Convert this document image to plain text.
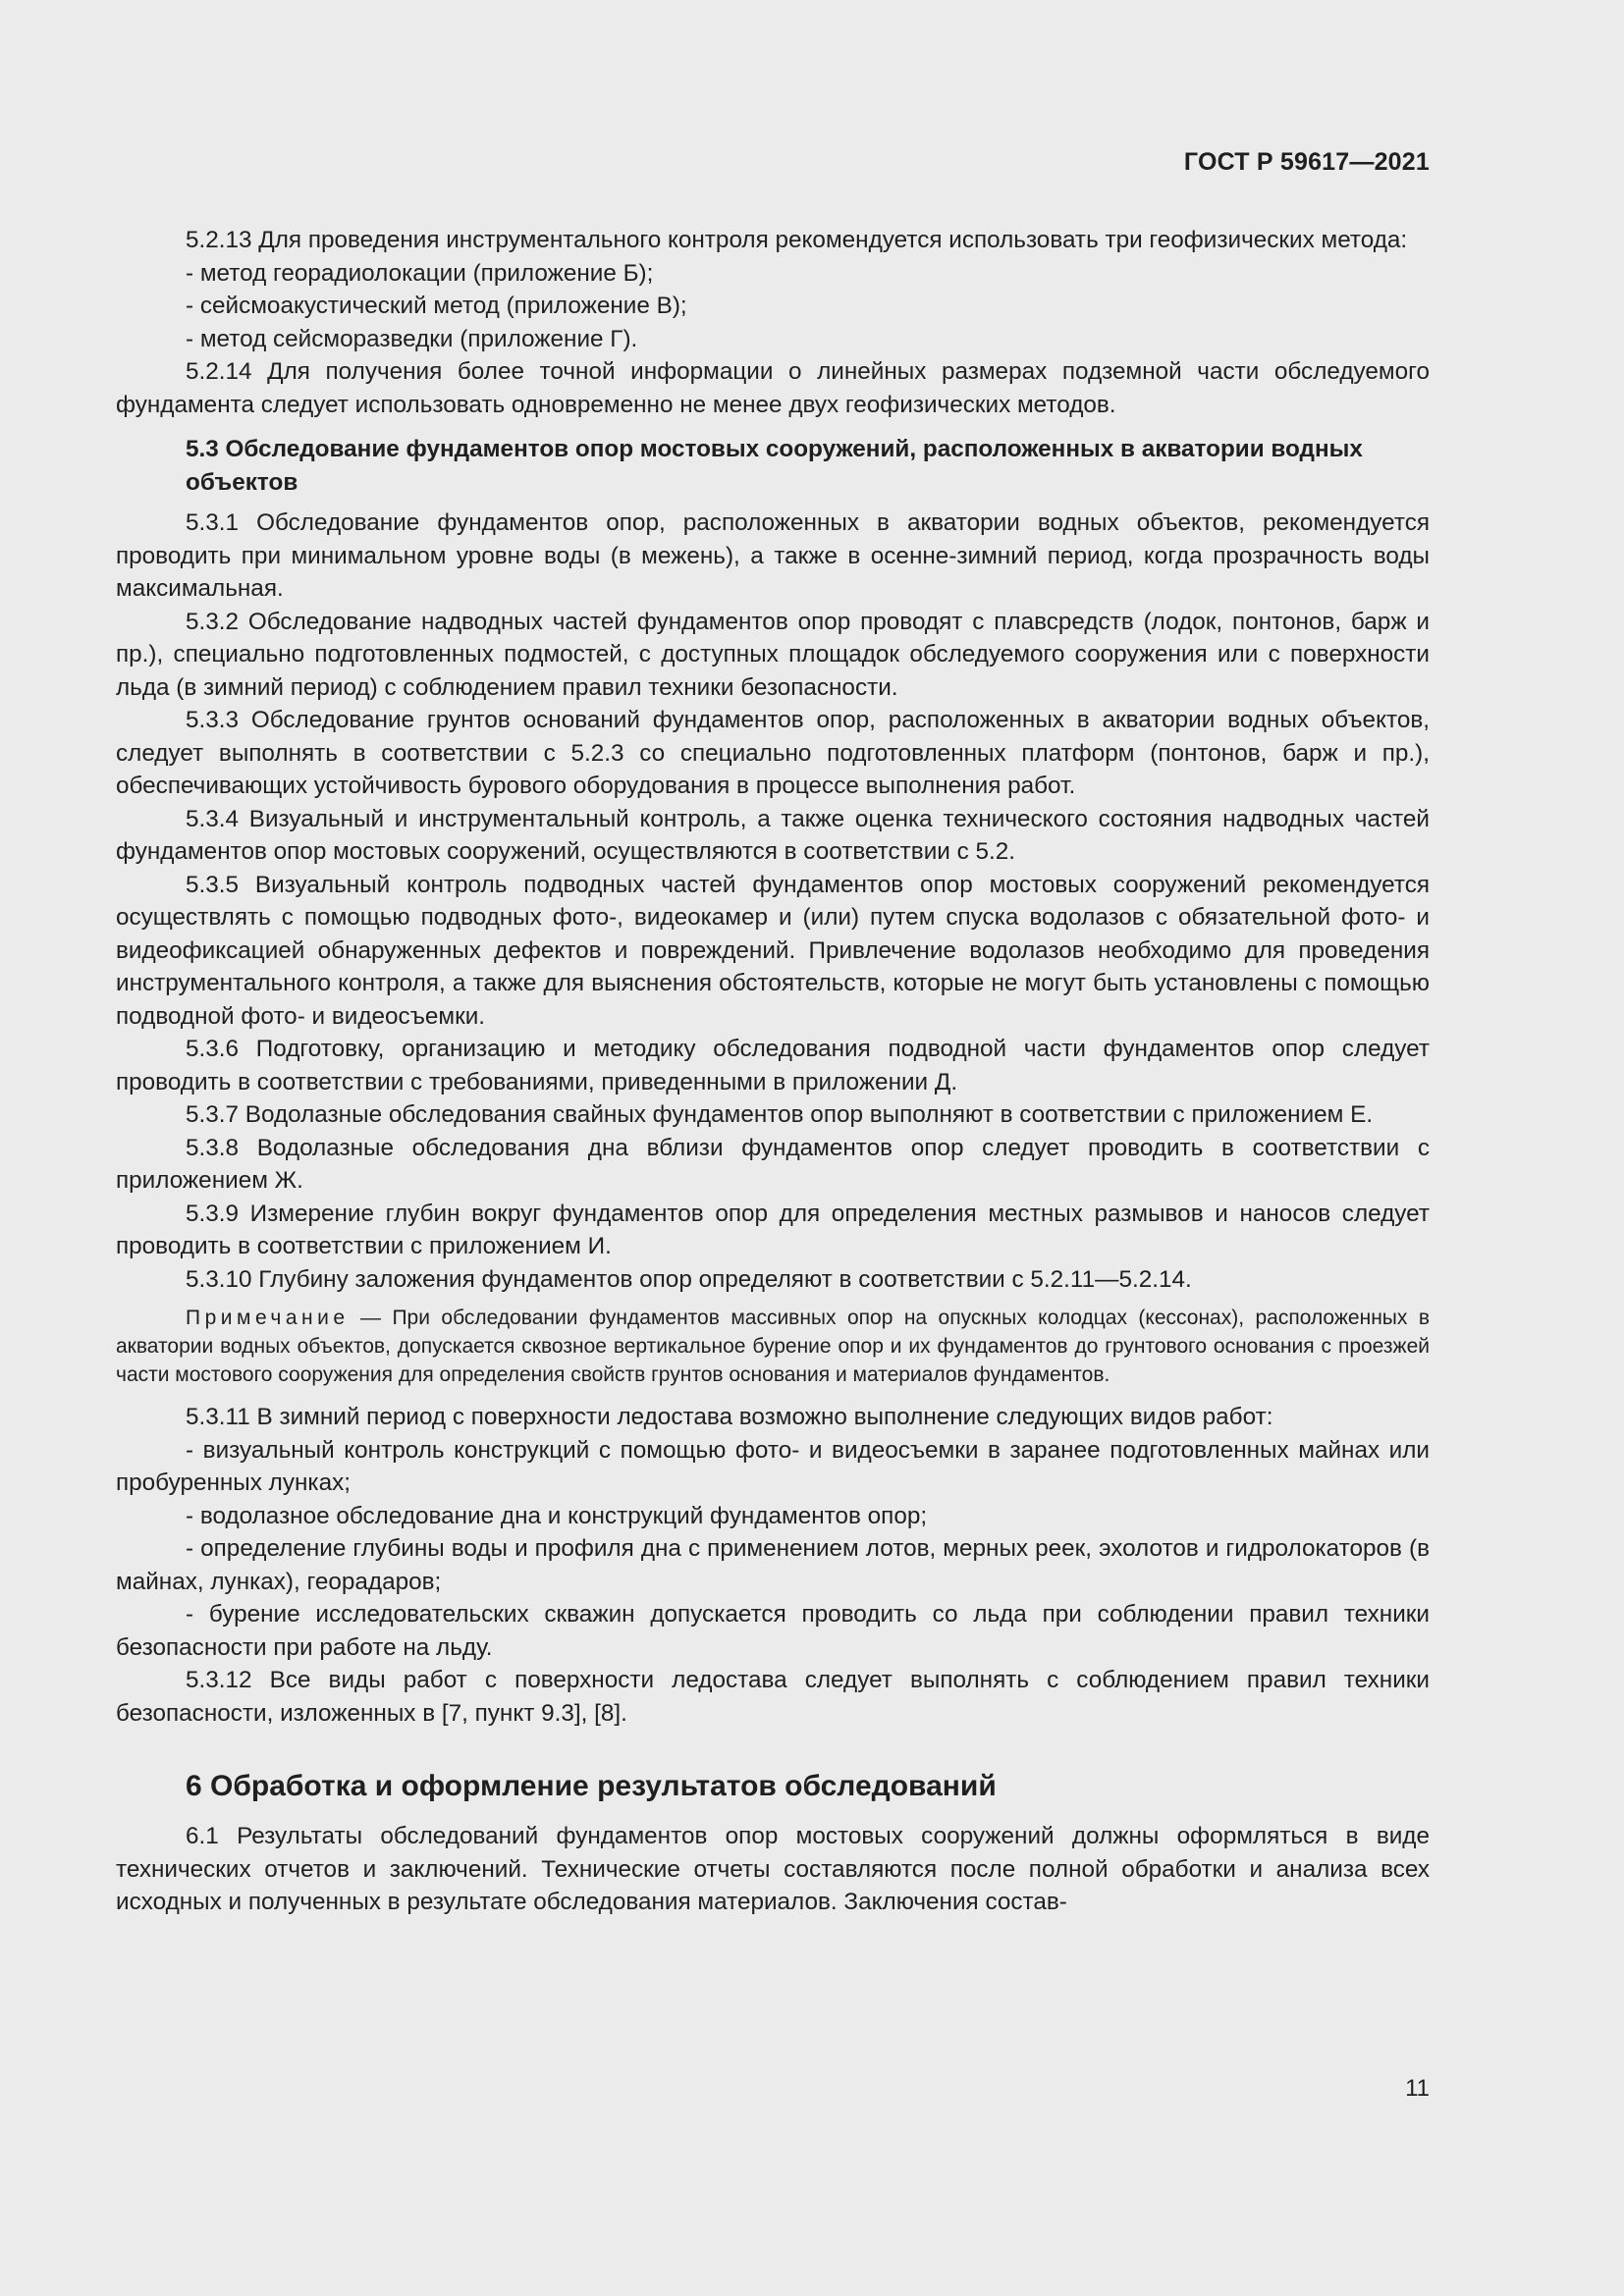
ГОСТ Р 59617—2021

5.2.13 Для проведения инструментального контроля рекомендуется использовать три геофизических метода:

- метод георадиолокации (приложение Б);

- сейсмоакустический метод (приложение В);

- метод сейсморазведки (приложение Г).

5.2.14 Для получения более точной информации о линейных размерах подземной части обследуемого фундамента следует использовать одновременно не менее двух геофизических методов.

5.3 Обследование фундаментов опор мостовых сооружений, расположенных в акватории водных объектов

5.3.1 Обследование фундаментов опор, расположенных в акватории водных объектов, рекомендуется проводить при минимальном уровне воды (в межень), а также в осенне-зимний период, когда прозрачность воды максимальная.

5.3.2 Обследование надводных частей фундаментов опор проводят с плавсредств (лодок, понтонов, барж и пр.), специально подготовленных подмостей, с доступных площадок обследуемого сооружения или с поверхности льда (в зимний период) с соблюдением правил техники безопасности.

5.3.3 Обследование грунтов оснований фундаментов опор, расположенных в акватории водных объектов, следует выполнять в соответствии с 5.2.3 со специально подготовленных платформ (понтонов, барж и пр.), обеспечивающих устойчивость бурового оборудования в процессе выполнения работ.

5.3.4 Визуальный и инструментальный контроль, а также оценка технического состояния надводных частей фундаментов опор мостовых сооружений, осуществляются в соответствии с 5.2.

5.3.5 Визуальный контроль подводных частей фундаментов опор мостовых сооружений рекомендуется осуществлять с помощью подводных фото-, видеокамер и (или) путем спуска водолазов с обязательной фото- и видеофиксацией обнаруженных дефектов и повреждений. Привлечение водолазов необходимо для проведения инструментального контроля, а также для выяснения обстоятельств, которые не могут быть установлены с помощью подводной фото- и видеосъемки.

5.3.6 Подготовку, организацию и методику обследования подводной части фундаментов опор следует проводить в соответствии с требованиями, приведенными в приложении Д.

5.3.7 Водолазные обследования свайных фундаментов опор выполняют в соответствии с приложением Е.

5.3.8 Водолазные обследования дна вблизи фундаментов опор следует проводить в соответствии с приложением Ж.

5.3.9 Измерение глубин вокруг фундаментов опор для определения местных размывов и наносов следует проводить в соответствии с приложением И.

5.3.10 Глубину заложения фундаментов опор определяют в соответствии с 5.2.11—5.2.14.

Примечание — При обследовании фундаментов массивных опор на опускных колодцах (кессонах), расположенных в акватории водных объектов, допускается сквозное вертикальное бурение опор и их фундаментов до грунтового основания с проезжей части мостового сооружения для определения свойств грунтов основания и материалов фундаментов.

5.3.11 В зимний период с поверхности ледостава возможно выполнение следующих видов работ:

- визуальный контроль конструкций с помощью фото- и видеосъемки в заранее подготовленных майнах или пробуренных лунках;

- водолазное обследование дна и конструкций фундаментов опор;

- определение глубины воды и профиля дна с применением лотов, мерных реек, эхолотов и гидролокаторов (в майнах, лунках), георадаров;

- бурение исследовательских скважин допускается проводить со льда при соблюдении правил техники безопасности при работе на льду.

5.3.12 Все виды работ с поверхности ледостава следует выполнять с соблюдением правил техники безопасности, изложенных в [7, пункт 9.3], [8].

6 Обработка и оформление результатов обследований

6.1 Результаты обследований фундаментов опор мостовых сооружений должны оформляться в виде технических отчетов и заключений. Технические отчеты составляются после полной обработки и анализа всех исходных и полученных в результате обследования материалов. Заключения состав-

11
